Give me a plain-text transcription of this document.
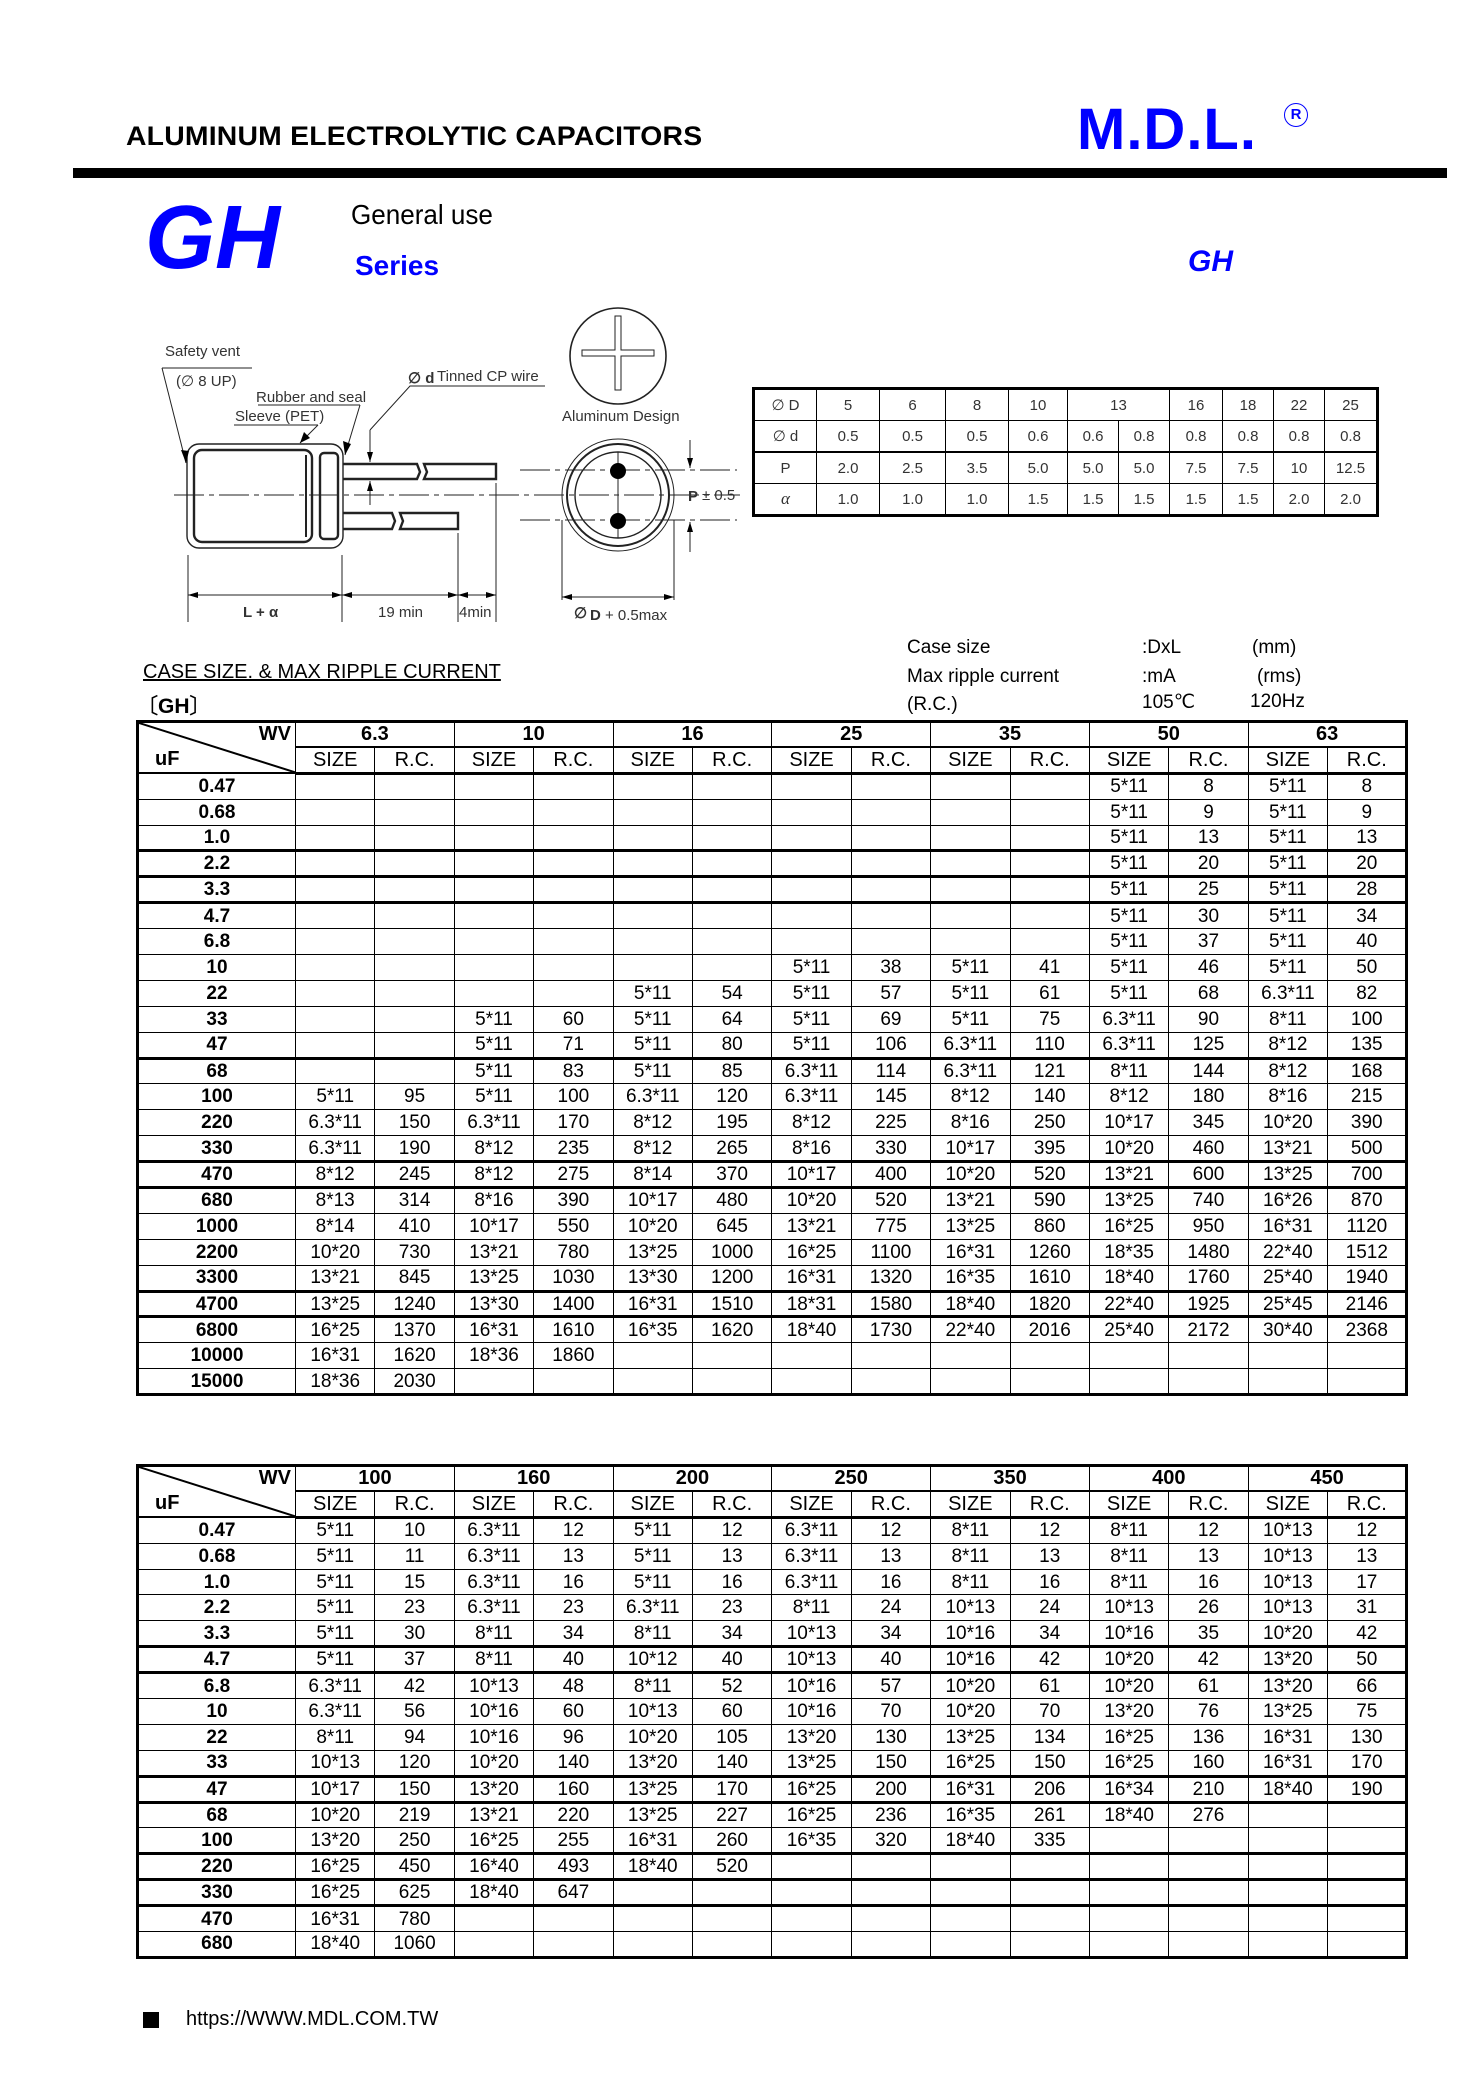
ALUMINUM ELECTROLYTIC CAPACITORS	M.D.L.	R
GH	General use
Series	GH
Safety vent
(∅ 8 UP)
Rubber and seal
Sleeve (PET)
∅ d Tinned CP wire
Aluminum Design
L + α	19 min 4min	∅ D + 0.5max
P ± 0.5
∅ D	5	6	8	10	13		16	18	22	25
∅ d	0.5	0.5	0.5	0.6	0.6	0.8	0.8	0.8	0.8	0.8
P	2.0	2.5	3.5	5.0	5.0	5.0	7.5	7.5	10	12.5
α	1.0	1.0	1.0	1.5	1.5	1.5	1.5	1.5	2.0	2.0
CASE SIZE. & MAX RIPPLE CURRENT
〔GH〕
Case size	:DxL	(mm)
Max ripple current	:mA	(rms)
(R.C.)	105℃	120Hz
WV
uF	6.3		10		16		25		35		50		63	
	SIZE	R.C.	SIZE	R.C.	SIZE	R.C.	SIZE	R.C.	SIZE	R.C.	SIZE	R.C.	SIZE	R.C.
0.47											5*11	8	5*11	8
0.68											5*11	9	5*11	9
1.0											5*11	13	5*11	13
2.2											5*11	20	5*11	20
3.3											5*11	25	5*11	28
4.7											5*11	30	5*11	34
6.8											5*11	37	5*11	40
10							5*11	38	5*11	41	5*11	46	5*11	50
22					5*11	54	5*11	57	5*11	61	5*11	68	6.3*11	82
33			5*11	60	5*11	64	5*11	69	5*11	75	6.3*11	90	8*11	100
47			5*11	71	5*11	80	5*11	106	6.3*11	110	6.3*11	125	8*12	135
68			5*11	83	5*11	85	6.3*11	114	6.3*11	121	8*11	144	8*12	168
100	5*11	95	5*11	100	6.3*11	120	6.3*11	145	8*12	140	8*12	180	8*16	215
220	6.3*11	150	6.3*11	170	8*12	195	8*12	225	8*16	250	10*17	345	10*20	390
330	6.3*11	190	8*12	235	8*12	265	8*16	330	10*17	395	10*20	460	13*21	500
470	8*12	245	8*12	275	8*14	370	10*17	400	10*20	520	13*21	600	13*25	700
680	8*13	314	8*16	390	10*17	480	10*20	520	13*21	590	13*25	740	16*26	870
1000	8*14	410	10*17	550	10*20	645	13*21	775	13*25	860	16*25	950	16*31	1120
2200	10*20	730	13*21	780	13*25	1000	16*25	1100	16*31	1260	18*35	1480	22*40	1512
3300	13*21	845	13*25	1030	13*30	1200	16*31	1320	16*35	1610	18*40	1760	25*40	1940
4700	13*25	1240	13*30	1400	16*31	1510	18*31	1580	18*40	1820	22*40	1925	25*45	2146
6800	16*25	1370	16*31	1610	16*35	1620	18*40	1730	22*40	2016	25*40	2172	30*40	2368
10000	16*31	1620	18*36	1860										
15000	18*36	2030												
WV
uF	100		160		200		250		350		400		450	
	SIZE	R.C.	SIZE	R.C.	SIZE	R.C.	SIZE	R.C.	SIZE	R.C.	SIZE	R.C.	SIZE	R.C.
0.47	5*11	10	6.3*11	12	5*11	12	6.3*11	12	8*11	12	8*11	12	10*13	12
0.68	5*11	11	6.3*11	13	5*11	13	6.3*11	13	8*11	13	8*11	13	10*13	13
1.0	5*11	15	6.3*11	16	5*11	16	6.3*11	16	8*11	16	8*11	16	10*13	17
2.2	5*11	23	6.3*11	23	6.3*11	23	8*11	24	10*13	24	10*13	26	10*13	31
3.3	5*11	30	8*11	34	8*11	34	10*13	34	10*16	34	10*16	35	10*20	42
4.7	5*11	37	8*11	40	10*12	40	10*13	40	10*16	42	10*20	42	13*20	50
6.8	6.3*11	42	10*13	48	8*11	52	10*16	57	10*20	61	10*20	61	13*20	66
10	6.3*11	56	10*16	60	10*13	60	10*16	70	10*20	70	13*20	76	13*25	75
22	8*11	94	10*16	96	10*20	105	13*20	130	13*25	134	16*25	136	16*31	130
33	10*13	120	10*20	140	13*20	140	13*25	150	16*25	150	16*25	160	16*31	170
47	10*17	150	13*20	160	13*25	170	16*25	200	16*31	206	16*34	210	18*40	190
68	10*20	219	13*21	220	13*25	227	16*25	236	16*35	261	18*40	276		
100	13*20	250	16*25	255	16*31	260	16*35	320	18*40	335				
220	16*25	450	16*40	493	18*40	520								
330	16*25	625	18*40	647										
470	16*31	780												
680	18*40	1060												
https://WWW.MDL.COM.TW
